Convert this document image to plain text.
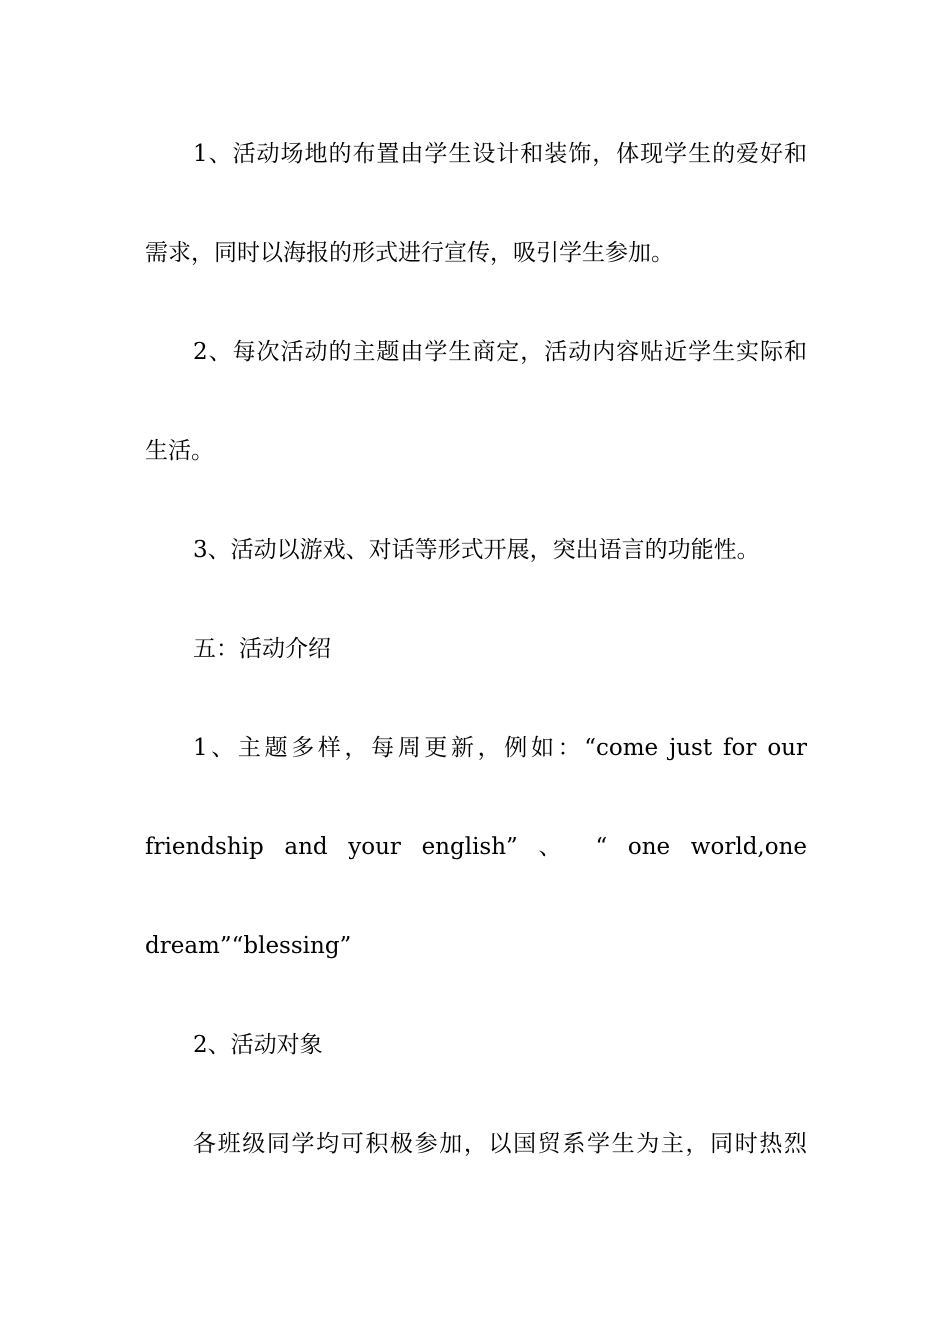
1、活动场地的布置由学生设计和装饰，体现学生的爱好和
需求，同时以海报的形式进行宣传，吸引学生参加。
2、每次活动的主题由学生商定，活动内容贴近学生实际和
生活。
3、活动以游戏、对话等形式开展，突出语言的功能性。
五：活动介绍
1、主题多样，每周更新，例如：“come just for our
friendship and your english” 、 “ one world,one
dream”“blessing”
2、活动对象
各班级同学均可积极参加，以国贸系学生为主，同时热烈
